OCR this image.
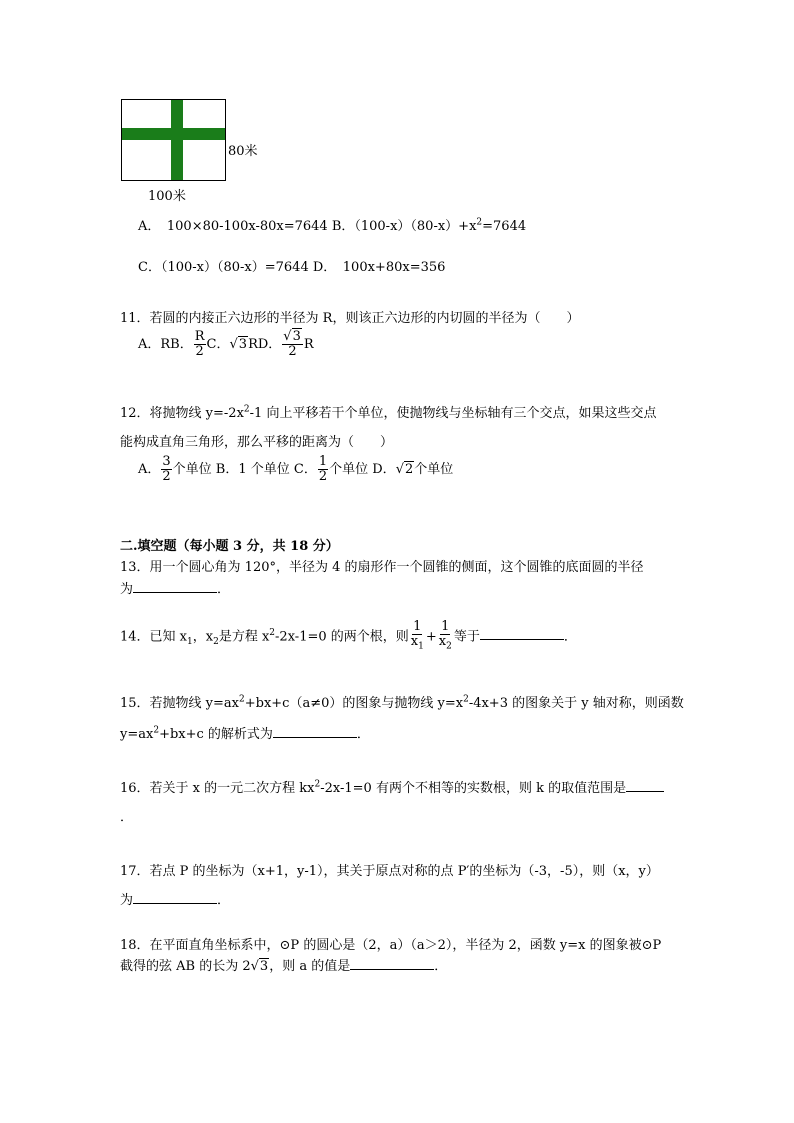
80米
100米
A．　100×80-100x-80x=7644 B．$(100-x)(80-x)+x^2=7644$
C．（100-x）（80-x）=7644 D．　100x+80x=356
11．若圆的内接正六边形的半径为 R，则该正六边形的内切圆的半径为（　　）
A．RB． $\frac{R}{2}$ C．√3RD． $\frac{√3}{2}$ R
12．将抛物线 $y=-2x^2-1$ 向上平移若干个单位，使抛物线与坐标轴有三个交点，如果这些交点
能构成直角三角形，那么平移的距离为（　　）
A． $\frac{3}{2}$ 个单位 B．1 个单位 C． $\frac{1}{2}$ 个单位 D．√2个单位
二.填空题（每小题 3 分，共 18 分）
13．用一个圆心角为 120°，半径为 4 的扇形作一个圆锥的侧面，这个圆锥的底面圆的半径
为	．
14．已知 $x_1$，$x_2$是方程 $x^2-2x-1=0$ 的两个根，则 $\frac{1}{x_1} + \frac{1}{x_2}$ 等于	．
15．若抛物线 $y=ax^2+bx+c(a\ne 0)$的图象与抛物线 $y=x^2-4x+3$ 的图象关于 y 轴对称，则函数
$y=ax^2+bx+c$ 的解析式为	．
16．若关于 x 的一元二次方程 $kx^2-2x-1=0$ 有两个不相等的实数根，则 k 的取值范围是
．
17．若点 P 的坐标为（x+1，y-1），其关于原点对称的点 P′的坐标为（-3，-5），则（x，y）
为	．
18．在平面直角坐标系中，⊙P 的圆心是（2，a）（a＞2），半径为 2，函数 y=x 的图象被⊙P
截得的弦 AB 的长为 2√3，则 a 的值是	．
